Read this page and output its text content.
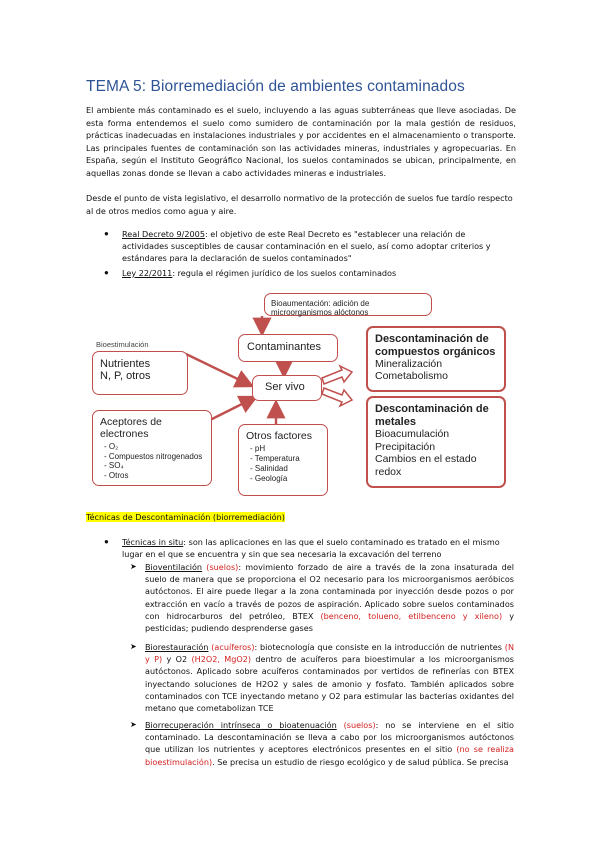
TEMA 5: Biorremediación de ambientes contaminados
El ambiente más contaminado es el suelo, incluyendo a las aguas subterráneas que lleve asociadas. De esta forma entendemos el suelo como sumidero de contaminación por la mala gestión de residuos, prácticas inadecuadas en instalaciones industriales y por accidentes en el almacenamiento o transporte. Las principales fuentes de contaminación son las actividades mineras, industriales y agropecuarias. En España, según el Instituto Geográfico Nacional, los suelos contaminados se ubican, principalmente, en aquellas zonas donde se llevan a cabo actividades mineras e industriales.
Desde el punto de vista legislativo, el desarrollo normativo de la protección de suelos fue tardío respecto al de otros medios como agua y aire.
● Real Decreto 9/2005: el objetivo de este Real Decreto es "establecer una relación de actividades susceptibles de causar contaminación en el suelo, así como adoptar criterios y estándares para la declaración de suelos contaminados"
● Ley 22/2011: regula el régimen jurídico de los suelos contaminados
Bioaumentación: adición de microorganismos alóctonos
Bioestimulación
Nutrientes
N, P, otros
Contaminantes
Ser vivo
Aceptores de electrones
- O₂
- Compuestos nitrogenados
- SO₄
- Otros
Otros factores
- pH
- Temperatura
- Salinidad
- Geología
Descontaminación de compuestos orgánicos
Mineralización
Cometabolismo
Descontaminación de metales
Bioacumulación
Precipitación
Cambios en el estado redox
Técnicas de Descontaminación (biorremediación)
● Técnicas in situ: son las aplicaciones en las que el suelo contaminado es tratado en el mismo lugar en el que se encuentra y sin que sea necesaria la excavación del terreno
➤ Bioventilación (suelos): movimiento forzado de aire a través de la zona insaturada del suelo de manera que se proporciona el O2 necesario para los microorganismos aeróbicos autóctonos. El aire puede llegar a la zona contaminada por inyección desde pozos o por extracción en vacío a través de pozos de aspiración. Aplicado sobre suelos contaminados con hidrocarburos del petróleo, BTEX (benceno, tolueno, etilbenceno y xileno) y pesticidas; pudiendo desprenderse gases
➤ Biorestauración (acuíferos): biotecnología que consiste en la introducción de nutrientes (N y P) y O2 (H2O2, MgO2) dentro de acuíferos para bioestimular a los microorganismos autóctonos. Aplicado sobre acuíferos contaminados por vertidos de refinerías con BTEX inyectando soluciones de H2O2 y sales de amonio y fosfato. También aplicados sobre contaminados con TCE inyectando metano y O2 para estimular las bacterias oxidantes del metano que cometabolizan TCE
➤ Biorrecuperación intrínseca o bioatenuación (suelos): no se interviene en el sitio contaminado. La descontaminación se lleva a cabo por los microorganismos autóctonos que utilizan los nutrientes y aceptores electrónicos presentes en el sitio (no se realiza bioestimulación). Se precisa un estudio de riesgo ecológico y de salud pública. Se precisa
